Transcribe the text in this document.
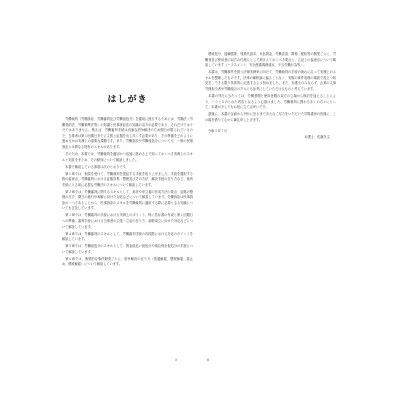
はしがき

労働裁判（労働訴訟、労働審判及び労働仮処分）を適切に進行するためには、労働法（労働契約法、労働基準法等）の知識と民事訴訟法の知識の双方が必要であり、それだけでは十分ではありません。例えば、労働審判手続は迅速な紛争解決のため期日が限られているので、当事者は第１回期日までに主張と証拠を出し尽くす必要があり、その準備をどのように進めるかは実務上の重要な課題です。また、労働訴訟や労働仮処分についても、一般の民事訴訟とは異なる特有のスキルがあります。

そのため、本書では、労働裁判を適切かつ迅速に進める上で知っておくべき実務上のスキルと知見をまとめ、その動向について解説しました。

本書で解説している事項は次のとおりです。

第１章では、相談を受けて、労働裁判を提起する手続を取り上げました。手続を選択する際の留意点、労働審判における証拠収集・整理及びその方法、解決手続の在り方など、裁判手続に入る前に必要な労働法のスキルについて解説しています。

第２章では、労働審判に関するスキルとして、訴状や申立書の作成方法の要点、証拠の整理の仕方、期日の進行や和解に向けた対応などについて解説しています。労働訴訟は民事訴訟の一つであることから、民事訴訟のスキルを労働裁判に適用する際に必要となる知識についても言及しています。

第３章では、労働審判の手続における実務上のポイント、特に答弁書の作成と第１回期日への準備、審判手続における当事者の主張・立証の在り方、調停成立に向けた対応などについて解説しています。

第４章では、労働審判のスキルとして、労働審判手続の各段階における対応のポイントを解説しています。

第５章では、労働仮処分のスキルとして、賃金仮払い仮処分や地位保全仮処分の手続について解説しています。

第６章では、典型的な事件類型ごとに、紛争解決の在り方（普通解雇、整理解雇、雇止め、懲戒解雇）について解説しています。

5

懲戒処分、退職強要、残業代請求、未払賃金、労働災害、降格・配転等の類型ごとに、労働者及び使用者の双方の代理人として押さえておくべき要点と、立証上の留意点について解説しています（ハラスメント、安全配慮義務違反、不当労働行為等）。

本書は、労働事件を扱う法律実務家に向けて、労働裁判の手続の流れに沿って実務上のスキルを整理したものです。法律の解釈論に偏ることなく、実際の事件処理の場面で役立つ知見を、できる限り具体的に記述するよう努めました。また、弁護士のみならず、企業の人事労務担当者や労働組合の方々にも参考にしていただけるものと考えています。

本書の刊行に当たっては、労働者側と使用者側の双方の立場から検討を加えることにより、バランスのとれた内容となるよう心掛けました。労働裁判に携わる多くの方々にとって、本書が少しでもお役に立てば幸いです。

最後に、本書の企画から刊行に至るまで多大なご尽力をいただいた学陽書房の皆様に、この場を借りて心から御礼申し上げます。

令和５年７月
弁護士　佐藤久文
6
